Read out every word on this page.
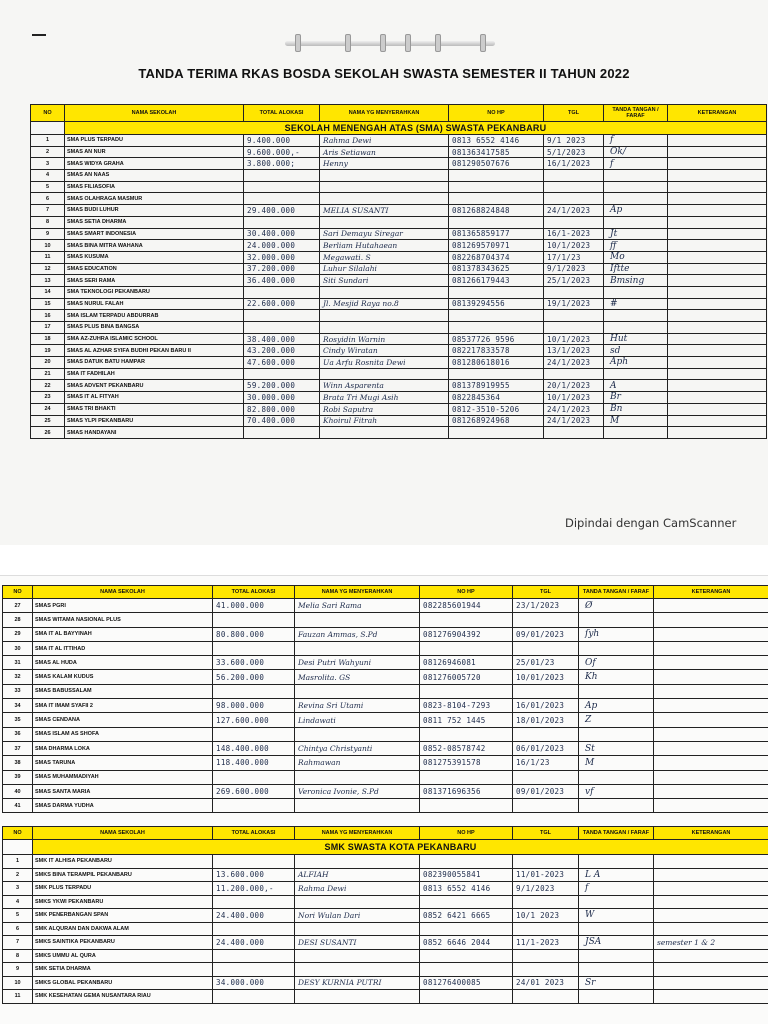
TANDA TERIMA RKAS BOSDA SEKOLAH SWASTA SEMESTER II TAHUN 2022
NO	NAMA SEKOLAH	TOTAL ALOKASI	NAMA YG MENYERAHKAN	NO HP	TGL	TANDA TANGAN / FARAF	KETERANGAN
	SEKOLAH MENENGAH ATAS (SMA) SWASTA PEKANBARU						
1	SMA PLUS TERPADU	9.400.000	Rahma Dewi	0813 6552 4146	9/1 2023	f	
2	SMAS AN NUR	9.600.000,-	Aris Setiawan	081363417585	5/1/2023	Ok/	
3	SMAS WIDYA GRAHA	3.800.000;	Henny	081290507676	16/1/2023	f	
4	SMAS AN NAAS						
5	SMAS FILIASOFIA						
6	SMAS OLAHRAGA MASMUR						
7	SMAS BUDI LUHUR	29.400.000	MELIA SUSANTI	081268824848	24/1/2023	Ap	
8	SMAS SETIA DHARMA						
9	SMAS SMART INDONESIA	30.400.000	Sari Demayu Siregar	081365859177	16/1-2023	Jt	
10	SMAS BINA MITRA WAHANA	24.000.000	Berliam Hutahaean	081269570971	10/1/2023	ff	
11	SMAS KUSUMA	32.000.000	Megawati. S	082268704374	17/1/23	Mo	
12	SMAS EDUCATION	37.200.000	Luhur Silalahi	081378343625	9/1/2023	Iftte	
13	SMAS SERI RAMA	36.400.000	Siti Sundari	081266179443	25/1/2023	Bmsing	
14	SMA TEKNOLOGI PEKANBARU						
15	SMAS NURUL FALAH	22.600.000	Jl. Mesjid Raya no.8	08139294556	19/1/2023	#	
16	SMA ISLAM TERPADU ABDURRAB						
17	SMAS PLUS BINA BANGSA						
18	SMA AZ-ZUHRA ISLAMIC SCHOOL	38.400.000	Rosyidin Warnin	08537726 9596	10/1/2023	Hut	
19	SMAS AL AZHAR SYIFA BUDHI PEKAN BARU II	43.200.000	Cindy Wiratan	082217833578	13/1/2023	sd	
20	SMAS DATUK BATU HAMPAR	47.600.000	Ua Arfu Rosnita Dewi	081280618016	24/1/2023	Aph	
21	SMA IT FADHILAH						
22	SMAS ADVENT PEKANBARU	59.200.000	Winn Asparenta	081378919955	20/1/2023	A	
23	SMAS IT AL FITYAH	30.000.000	Brata Tri Mugi Asih	0822845364	10/1/2023	Br	
24	SMAS TRI BHAKTI	82.800.000	Robi Saputra	0812-3510-5206	24/1/2023	Bn	
25	SMAS YLPI PEKANBARU	70.400.000	Khoirul Fitrah	081268924968	24/1/2023	M	
26	SMAS HANDAYANI						
Dipindai dengan CamScanner
NO	NAMA SEKOLAH	TOTAL ALOKASI	NAMA YG MENYERAHKAN	NO HP	TGL	TANDA TANGAN / FARAF	KETERANGAN
27	SMAS PGRI	41.000.000	Melia Sari Rama	082285601944	23/1/2023	Ø	
28	SMAS WITAMA NASIONAL PLUS						
29	SMA IT AL BAYYINAH	80.800.000	Fauzan Ammas, S.Pd	081276904392	09/01/2023	ſyh	
30	SMA IT AL ITTIHAD						
31	SMAS AL HUDA	33.600.000	Desi Putri Wahyuni	08126946081	25/01/23	Of	
32	SMAS KALAM KUDUS	56.200.000	Masrolita. GS	081276005720	10/01/2023	Kh	
33	SMAS BABUSSALAM						
34	SMA IT IMAM SYAFII 2	98.000.000	Revina Sri Utami	0823-8104-7293	16/01/2023	Ap	
35	SMAS CENDANA	127.600.000	Lindawati	0811 752 1445	18/01/2023	Z	
36	SMAS ISLAM AS SHOFA						
37	SMA DHARMA LOKA	148.400.000	Chintya Christyanti	0852-08578742	06/01/2023	St	
38	SMAS TARUNA	118.400.000	Rahmawan	081275391578	16/1/23	M	
39	SMAS MUHAMMADIYAH						
40	SMAS SANTA MARIA	269.600.000	Veronica Ivonie, S.Pd	081371696356	09/01/2023	vf	
41	SMAS DARMA YUDHA						
NO	NAMA SEKOLAH	TOTAL ALOKASI	NAMA YG MENYERAHKAN	NO HP	TGL	TANDA TANGAN / FARAF	KETERANGAN
	SMK SWASTA KOTA PEKANBARU						
1	SMK IT ALHISA PEKANBARU						
2	SMKS BINA TERAMPIL PEKANBARU	13.600.000	ALFIAH	082390055841	11/01-2023	L A	
3	SMK PLUS TERPADU	11.200.000,-	Rahma Dewi	0813 6552 4146	9/1/2023	f	
4	SMKS YKWI PEKANBARU						
5	SMK PENERBANGAN SPAN	24.400.000	Nori Wulan Dari	0852 6421 6665	10/1 2023	W	
6	SMK ALQURAN DAN DAKWA ALAM						
7	SMKS SAINTIKA PEKANBARU	24.400.000	DESI SUSANTI	0852 6646 2044	11/1-2023	JSA	semester 1 & 2
8	SMKS UMMU AL QURA						
9	SMK SETIA DHARMA						
10	SMKS GLOBAL PEKANBARU	34.000.000	DESY KURNIA PUTRI	081276400085	24/01 2023	Sr	
11	SMK KESEHATAN GEMA NUSANTARA RIAU						
